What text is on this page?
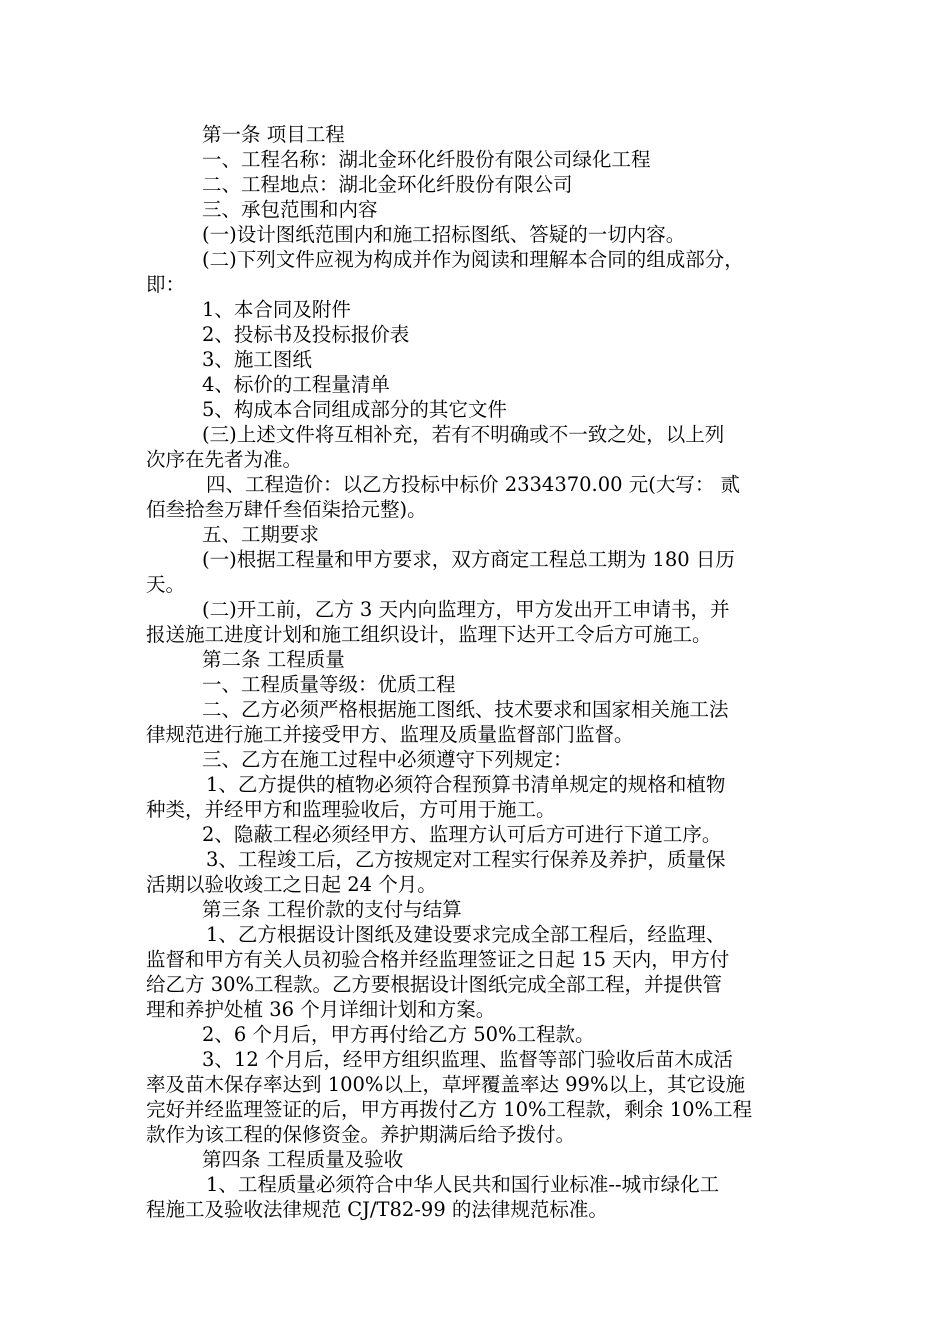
第一条 项目工程
一、工程名称：湖北金环化纤股份有限公司绿化工程
二、工程地点：湖北金环化纤股份有限公司
三、承包范围和内容
(一)设计图纸范围内和施工招标图纸、答疑的一切内容。
(二)下列文件应视为构成并作为阅读和理解本合同的组成部分，
即：
1、本合同及附件
2、投标书及投标报价表
3、施工图纸
4、标价的工程量清单
5、构成本合同组成部分的其它文件
(三)上述文件将互相补充，若有不明确或不一致之处，以上列
次序在先者为准。
四、工程造价：以乙方投标中标价 2334370.00 元(大写： 贰
佰叁拾叁万肆仟叁佰柒拾元整)。
五、工期要求
(一)根据工程量和甲方要求，双方商定工程总工期为 180 日历
天。
(二)开工前，乙方 3 天内向监理方，甲方发出开工申请书，并
报送施工进度计划和施工组织设计，监理下达开工令后方可施工。
第二条 工程质量
一、工程质量等级：优质工程
二、乙方必须严格根据施工图纸、技术要求和国家相关施工法
律规范进行施工并接受甲方、监理及质量监督部门监督。
三、乙方在施工过程中必须遵守下列规定：
1、乙方提供的植物必须符合程预算书清单规定的规格和植物
种类，并经甲方和监理验收后，方可用于施工。
2、隐蔽工程必须经甲方、监理方认可后方可进行下道工序。
3、工程竣工后，乙方按规定对工程实行保养及养护，质量保
活期以验收竣工之日起 24 个月。
第三条 工程价款的支付与结算
1、乙方根据设计图纸及建设要求完成全部工程后，经监理、
监督和甲方有关人员初验合格并经监理签证之日起 15 天内，甲方付
给乙方 30%工程款。乙方要根据设计图纸完成全部工程，并提供管
理和养护处植 36 个月详细计划和方案。
2、6 个月后，甲方再付给乙方 50%工程款。
3、12 个月后，经甲方组织监理、监督等部门验收后苗木成活
率及苗木保存率达到 100%以上，草坪覆盖率达 99%以上，其它设施
完好并经监理签证的后，甲方再拨付乙方 10%工程款，剩余 10%工程
款作为该工程的保修资金。养护期满后给予拨付。
第四条 工程质量及验收
1、工程质量必须符合中华人民共和国行业标准--城市绿化工
程施工及验收法律规范 CJ/T82-99 的法律规范标准。
